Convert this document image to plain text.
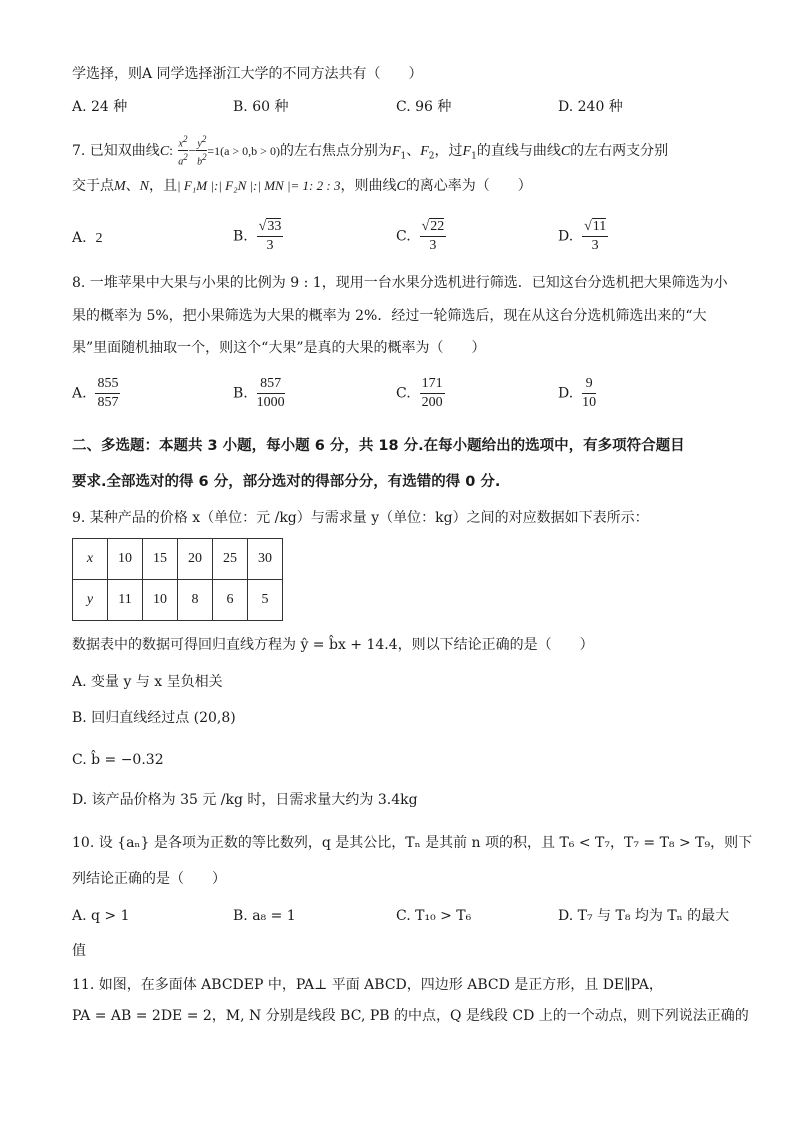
学选择，则A 同学选择浙江大学的不同方法共有（　　）
A. 24 种	B. 60 种	C. 96 种	D. 240 种
7. 已知双曲线C: $\frac{x2}{a2} - \frac{y2}{b2} =1(a > 0,b > 0)$的左右焦点分别为$F_1$、$F_2$，过$F_1$的直线与曲线C的左右两支分别
交于点M、N，且| F₁M |:| F₂N |:| MN |= 1: 2 : 3，则曲线C的离心率为（　　）
A. 2	B. $\frac{√33}{3}$	C. $\frac{√22}{3}$	D. $\frac{√11}{3}$
8. 一堆苹果中大果与小果的比例为 9 : 1，现用一台水果分选机进行筛选．已知这台分选机把大果筛选为小
果的概率为 5%，把小果筛选为大果的概率为 2%．经过一轮筛选后，现在从这台分选机筛选出来的“大
果”里面随机抽取一个，则这个“大果”是真的大果的概率为（　　）
A. $\frac{855}{857}$	B. $\frac{857}{1000}$	C. $\frac{171}{200}$	D. $\frac{9}{10}$
二、多选题：本题共 3 小题，每小题 6 分，共 18 分.在每小题给出的选项中，有多项符合题目
要求.全部选对的得 6 分，部分选对的得部分分，有选错的得 0 分.
9. 某种产品的价格 x（单位：元 /kg）与需求量 y（单位：kg）之间的对应数据如下表所示：
x	10	15	20	25	30
y	11	10	8	6	5
数据表中的数据可得回归直线方程为 ŷ = b̂x + 14.4，则以下结论正确的是（　　）
A. 变量 y 与 x 呈负相关
B. 回归直线经过点 (20,8)
C. b̂ = −0.32
D. 该产品价格为 35 元 /kg 时，日需求量大约为 3.4kg
10. 设 {aₙ} 是各项为正数的等比数列，q 是其公比，Tₙ 是其前 n 项的积，且 T₆ < T₇，T₇ = T₈ > T₉，则下
列结论正确的是（　　）
A. q > 1	B. a₈ = 1	C. T₁₀ > T₆	D. T₇ 与 T₈ 均为 Tₙ 的最大
值
11. 如图，在多面体 ABCDEP 中，PA⊥ 平面 ABCD，四边形 ABCD 是正方形，且 DE∥PA，
PA = AB = 2DE = 2，M, N 分别是线段 BC, PB 的中点，Q 是线段 CD 上的一个动点，则下列说法正确的
